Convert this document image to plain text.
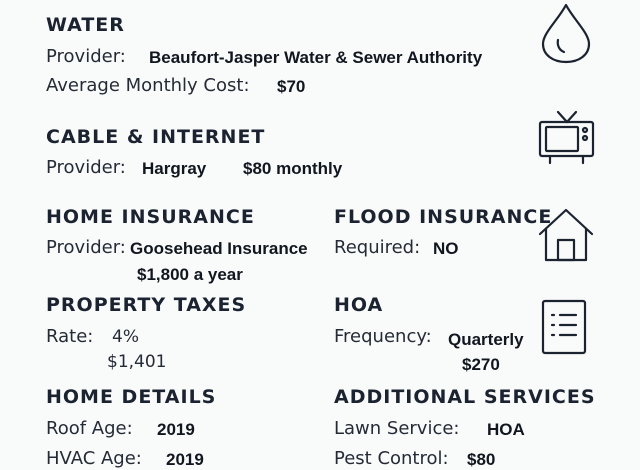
WATER
Provider: Beaufort-Jasper Water & Sewer Authority
Average Monthly Cost: $70
CABLE & INTERNET
Provider: Hargray $80 monthly
HOME INSURANCE
Provider: Goosehead Insurance
$1,800 a year
FLOOD INSURANCE
Required: NO
PROPERTY TAXES
Rate: 4%
$1,401
HOA
Frequency: Quarterly
$270
HOME DETAILS
Roof Age: 2019
HVAC Age: 2019
ADDITIONAL SERVICES
Lawn Service: HOA
Pest Control: $80
